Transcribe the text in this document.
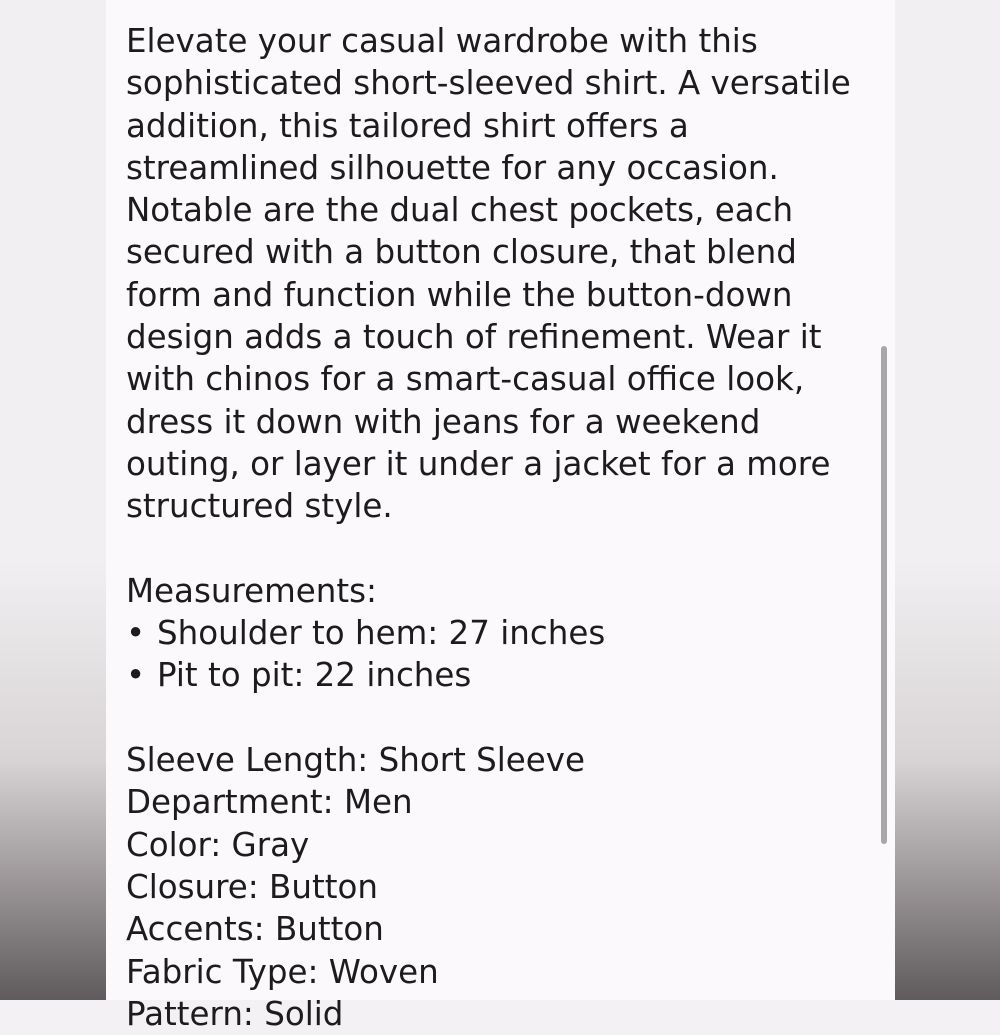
Elevate your casual wardrobe with this sophisticated short-sleeved shirt. A versatile addition, this tailored shirt offers a streamlined silhouette for any occasion. Notable are the dual chest pockets, each secured with a button closure, that blend form and function while the button-down design adds a touch of refinement. Wear it with chinos for a smart-casual office look, dress it down with jeans for a weekend outing, or layer it under a jacket for a more structured style.

Measurements:

• Shoulder to hem: 27 inches

• Pit to pit: 22 inches

Sleeve Length: Short Sleeve

Department: Men

Color: Gray

Closure: Button

Accents: Button

Fabric Type: Woven

Pattern: Solid
